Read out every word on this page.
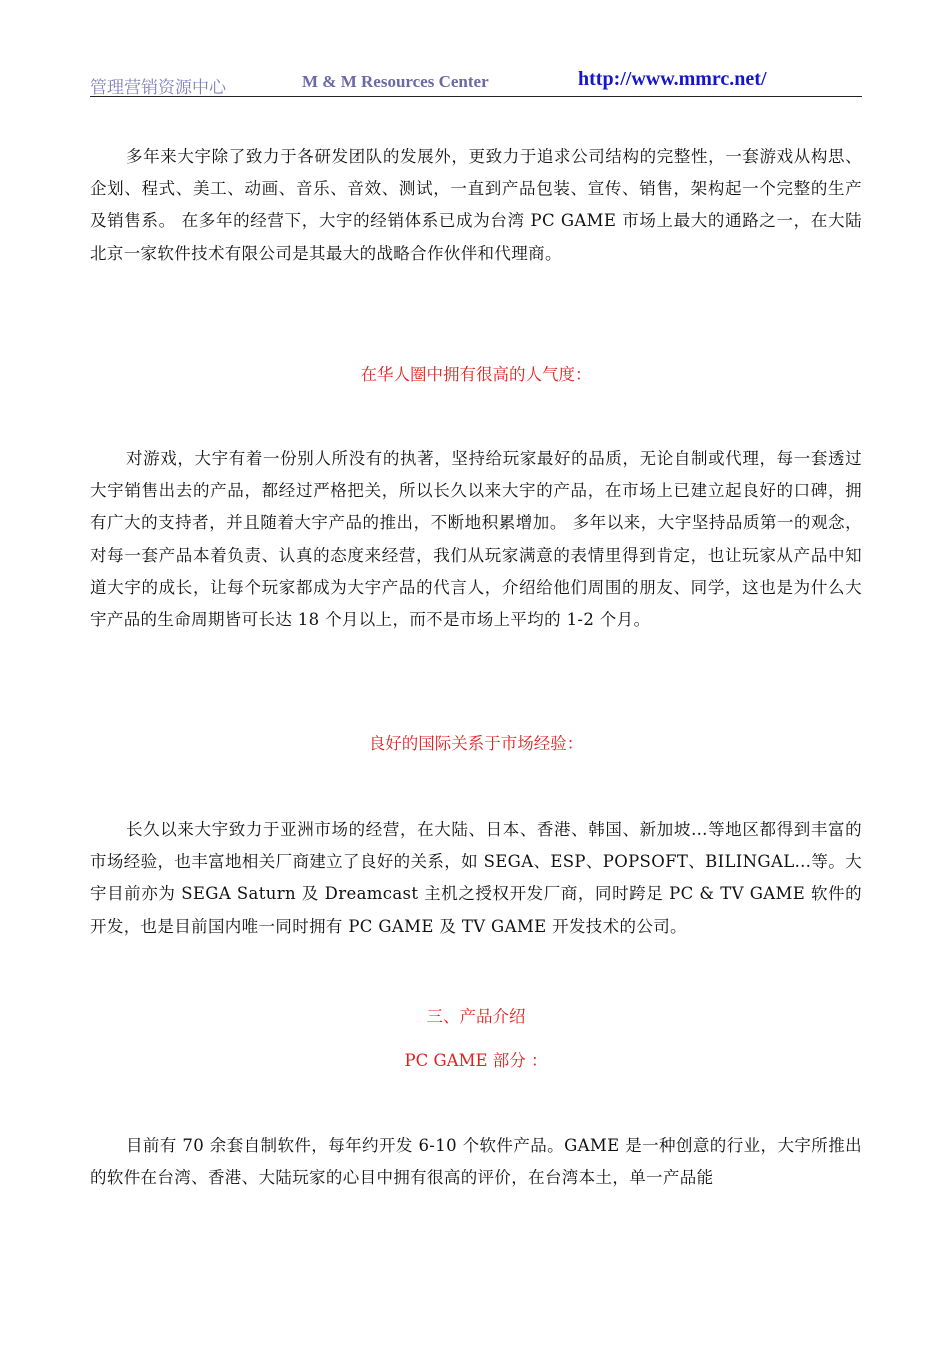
管理营销资源中心	M & M Resources Center	http://www.mmrc.net/

多年来大宇除了致力于各研发团队的发展外，更致力于追求公司结构的完整性，一套游戏从构思、企划、程式、美工、动画、音乐、音效、测试，一直到产品包装、宣传、销售，架构起一个完整的生产及销售系。 在多年的经营下，大宇的经销体系已成为台湾 PC GAME 市场上最大的通路之一，在大陆北京一家软件技术有限公司是其最大的战略合作伙伴和代理商。

在华人圈中拥有很高的人气度：

对游戏，大宇有着一份别人所没有的执著，坚持给玩家最好的品质，无论自制或代理，每一套透过大宇销售出去的产品，都经过严格把关，所以长久以来大宇的产品，在市场上已建立起良好的口碑，拥有广大的支持者，并且随着大宇产品的推出，不断地积累增加。 多年以来，大宇坚持品质第一的观念，对每一套产品本着负责、认真的态度来经营，我们从玩家满意的表情里得到肯定，也让玩家从产品中知道大宇的成长，让每个玩家都成为大宇产品的代言人，介绍给他们周围的朋友、同学，这也是为什么大宇产品的生命周期皆可长达 18 个月以上，而不是市场上平均的 1-2 个月。

良好的国际关系于市场经验：

长久以来大宇致力于亚洲市场的经营，在大陆、日本、香港、韩国、新加坡…等地区都得到丰富的市场经验，也丰富地相关厂商建立了良好的关系，如 SEGA、ESP、POPSOFT、BILINGAL…等。大宇目前亦为 SEGA Saturn 及 Dreamcast 主机之授权开发厂商，同时跨足 PC & TV GAME 软件的开发，也是目前国内唯一同时拥有 PC GAME 及 TV GAME 开发技术的公司。

三、产品介绍

PC GAME 部分 ：

目前有 70 余套自制软件，每年约开发 6-10 个软件产品。GAME 是一种创意的行业，大宇所推出的软件在台湾、香港、大陆玩家的心目中拥有很高的评价，在台湾本土，单一产品能
